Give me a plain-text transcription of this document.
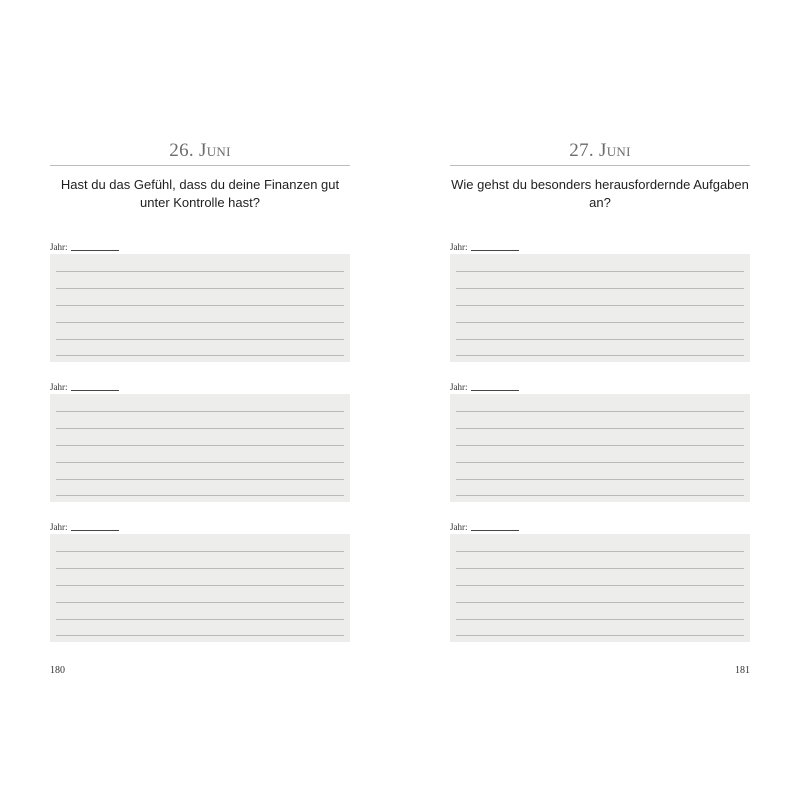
26. Juni
Hast du das Gefühl, dass du deine Finanzen gut unter Kontrolle hast?
Jahr:
Jahr:
Jahr:
180
27. Juni
Wie gehst du besonders herausfordernde Aufgaben an?
Jahr:
Jahr:
Jahr:
181
